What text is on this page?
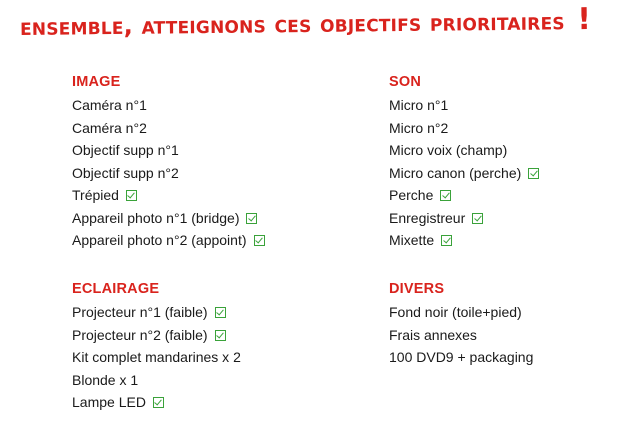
ensemble, atteignons ces objectifs prioritaires !
IMAGE
Caméra n°1
Caméra n°2
Objectif supp n°1
Objectif supp n°2
Trépied
Appareil photo n°1 (bridge)
Appareil photo n°2 (appoint)
SON
Micro n°1
Micro n°2
Micro voix (champ)
Micro canon (perche)
Perche
Enregistreur
Mixette
ECLAIRAGE
Projecteur n°1 (faible)
Projecteur n°2 (faible)
Kit complet mandarines x 2
Blonde x 1
Lampe LED
DIVERS
Fond noir (toile+pied)
Frais annexes
100 DVD9 + packaging
